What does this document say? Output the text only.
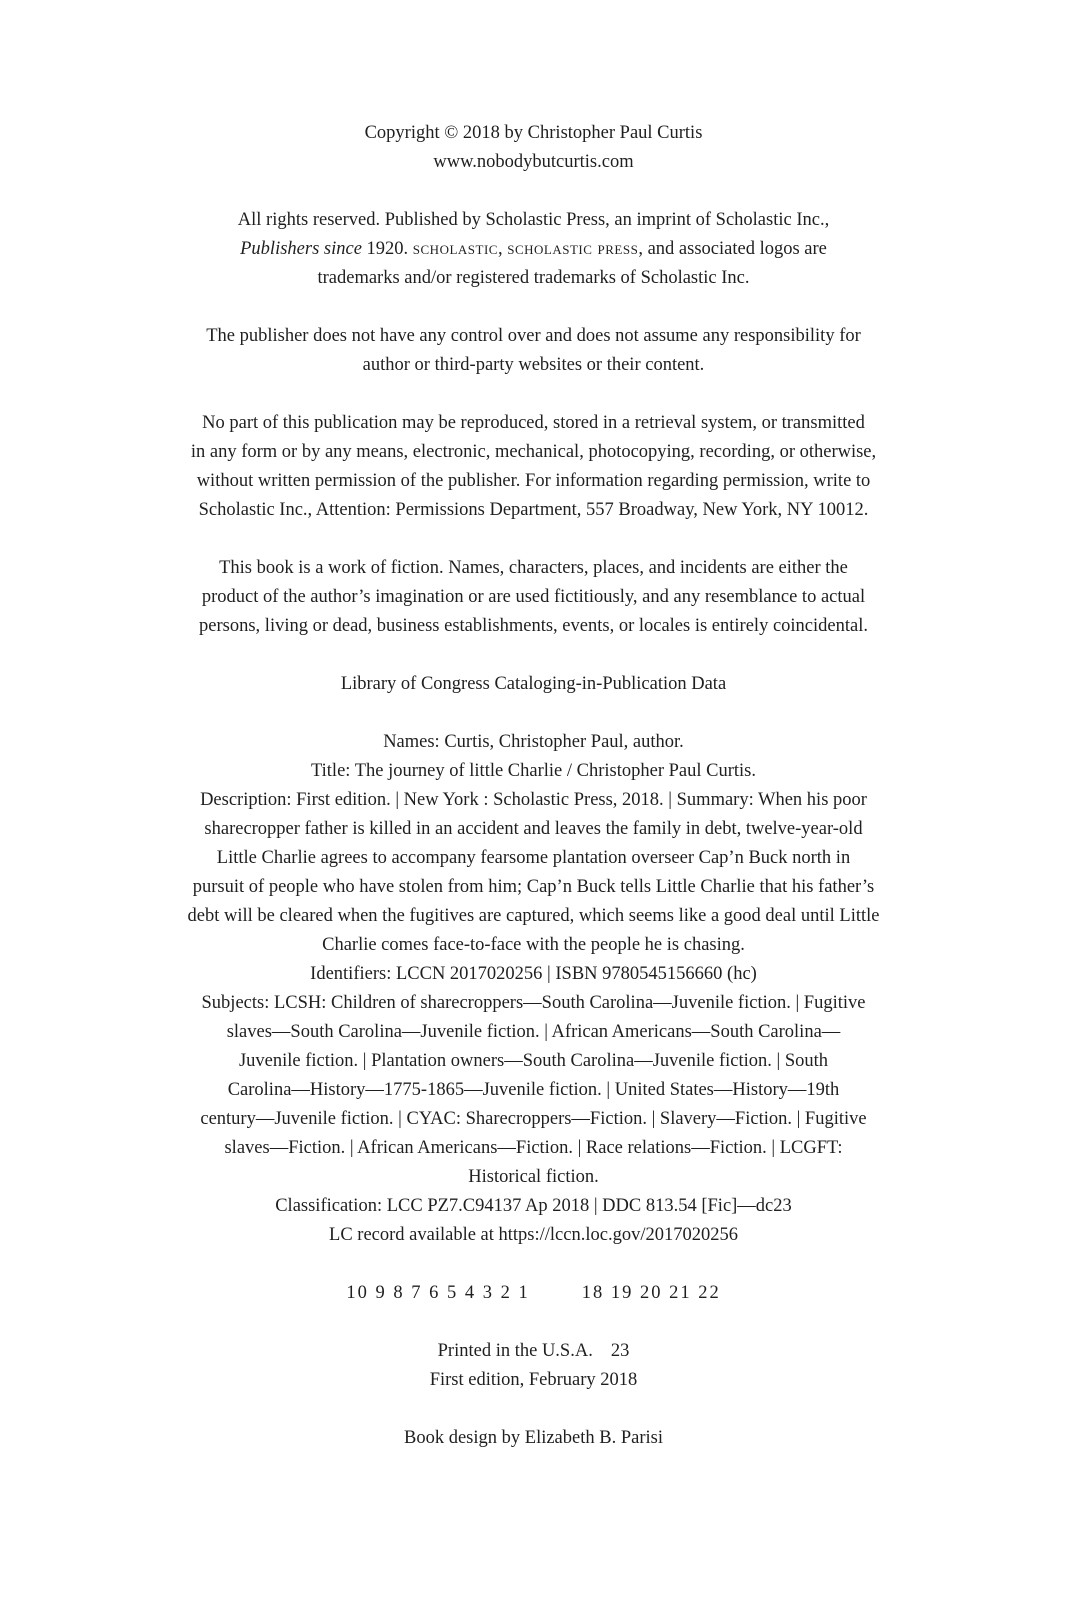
Copyright © 2018 by Christopher Paul Curtis
www.nobodybutcurtis.com
All rights reserved. Published by Scholastic Press, an imprint of Scholastic Inc.,
Publishers since 1920. scholastic, scholastic press, and associated logos are
trademarks and/or registered trademarks of Scholastic Inc.
The publisher does not have any control over and does not assume any responsibility for
author or third-party websites or their content.
No part of this publication may be reproduced, stored in a retrieval system, or transmitted
in any form or by any means, electronic, mechanical, photocopying, recording, or otherwise,
without written permission of the publisher. For information regarding permission, write to
Scholastic Inc., Attention: Permissions Department, 557 Broadway, New York, NY 10012.
This book is a work of fiction. Names, characters, places, and incidents are either the
product of the author’s imagination or are used fictitiously, and any resemblance to actual
persons, living or dead, business establishments, events, or locales is entirely coincidental.
Library of Congress Cataloging-in-Publication Data
Names: Curtis, Christopher Paul, author.
Title: The journey of little Charlie / Christopher Paul Curtis.
Description: First edition. | New York : Scholastic Press, 2018. | Summary: When his poor
sharecropper father is killed in an accident and leaves the family in debt, twelve-year-old
Little Charlie agrees to accompany fearsome plantation overseer Cap’n Buck north in
pursuit of people who have stolen from him; Cap’n Buck tells Little Charlie that his father’s
debt will be cleared when the fugitives are captured, which seems like a good deal until Little
Charlie comes face-to-face with the people he is chasing.
Identifiers: LCCN 2017020256 | ISBN 9780545156660 (hc)
Subjects: LCSH: Children of sharecroppers—South Carolina—Juvenile fiction. | Fugitive
slaves—South Carolina—Juvenile fiction. | African Americans—South Carolina—
Juvenile fiction. | Plantation owners—South Carolina—Juvenile fiction. | South
Carolina—History—1775-1865—Juvenile fiction. | United States—History—19th
century—Juvenile fiction. | CYAC: Sharecroppers—Fiction. | Slavery—Fiction. | Fugitive
slaves—Fiction. | African Americans—Fiction. | Race relations—Fiction. | LCGFT:
Historical fiction.
Classification: LCC PZ7.C94137 Ap 2018 | DDC 813.54 [Fic]—dc23
LC record available at https://lccn.loc.gov/2017020256
10 9 8 7 6 5 4 3 2 1	18 19 20 21 22
Printed in the U.S.A. 23
First edition, February 2018
Book design by Elizabeth B. Parisi
